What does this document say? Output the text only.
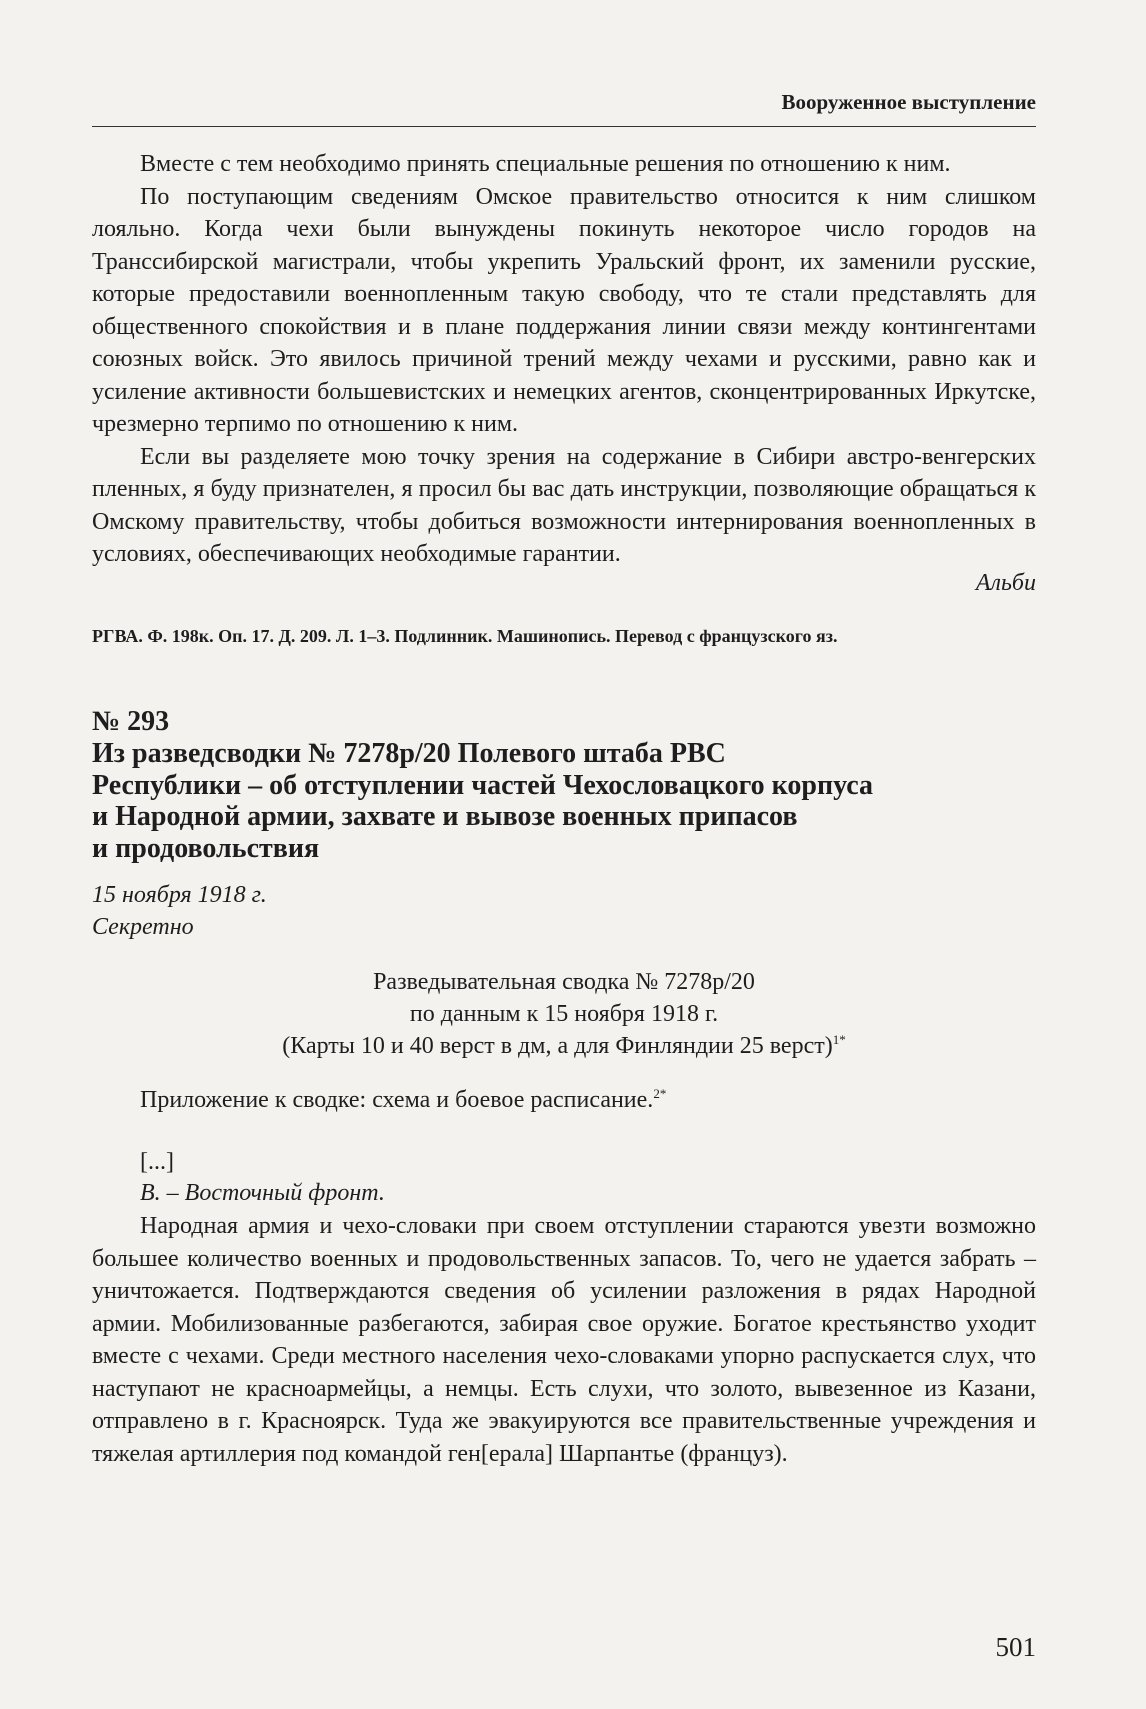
Вооруженное выступление

Вместе с тем необходимо принять специальные решения по отношению к ним.

По поступающим сведениям Омское правительство относится к ним слишком лояльно. Когда чехи были вынуждены покинуть некоторое число городов на Транссибирской магистрали, чтобы укрепить Уральский фронт, их заменили русские, которые предоставили военнопленным такую свободу, что те стали представлять для общественного спокойствия и в плане поддержания линии связи между контингентами союзных войск. Это явилось причиной трений между чехами и русскими, равно как и усиление активности большевистских и немецких агентов, сконцентрированных Иркутске, чрезмерно терпимо по отношению к ним.

Если вы разделяете мою точку зрения на содержание в Сибири австро-венгерских пленных, я буду признателен, я просил бы вас дать инструкции, позволяющие обращаться к Омскому правительству, чтобы добиться возможности интернирования военнопленных в условиях, обеспечивающих необходимые гарантии.

Альби
РГВА. Ф. 198к. Оп. 17. Д. 209. Л. 1–3. Подлинник. Машинопись. Перевод с французского яз.
№ 293
Из разведсводки № 7278р/20 Полевого штаба РВС
Республики – об отступлении частей Чехословацкого корпуса
и Народной армии, захвате и вывозе военных припасов
и продовольствия
15 ноября 1918 г.
Секретно
Разведывательная сводка № 7278р/20
по данным к 15 ноября 1918 г.
(Карты 10 и 40 верст в дм, а для Финляндии 25 верст)$^{1*}$

Приложение к сводке: схема и боевое расписание.$^{2*}$

[...]

В. – Восточный фронт.

Народная армия и чехо-словаки при своем отступлении стараются увезти возможно большее количество военных и продовольственных запасов. То, чего не удается забрать – уничтожается. Подтверждаются сведения об усилении разложения в рядах Народной армии. Мобилизованные разбегаются, забирая свое оружие. Богатое крестьянство уходит вместе с чехами. Среди местного населения чехо-словаками упорно распускается слух, что наступают не красноармейцы, а немцы. Есть слухи, что золото, вывезенное из Казани, отправлено в г. Красноярск. Туда же эвакуируются все правительственные учреждения и тяжелая артиллерия под командой ген[ерала] Шарпантье (француз).

501
